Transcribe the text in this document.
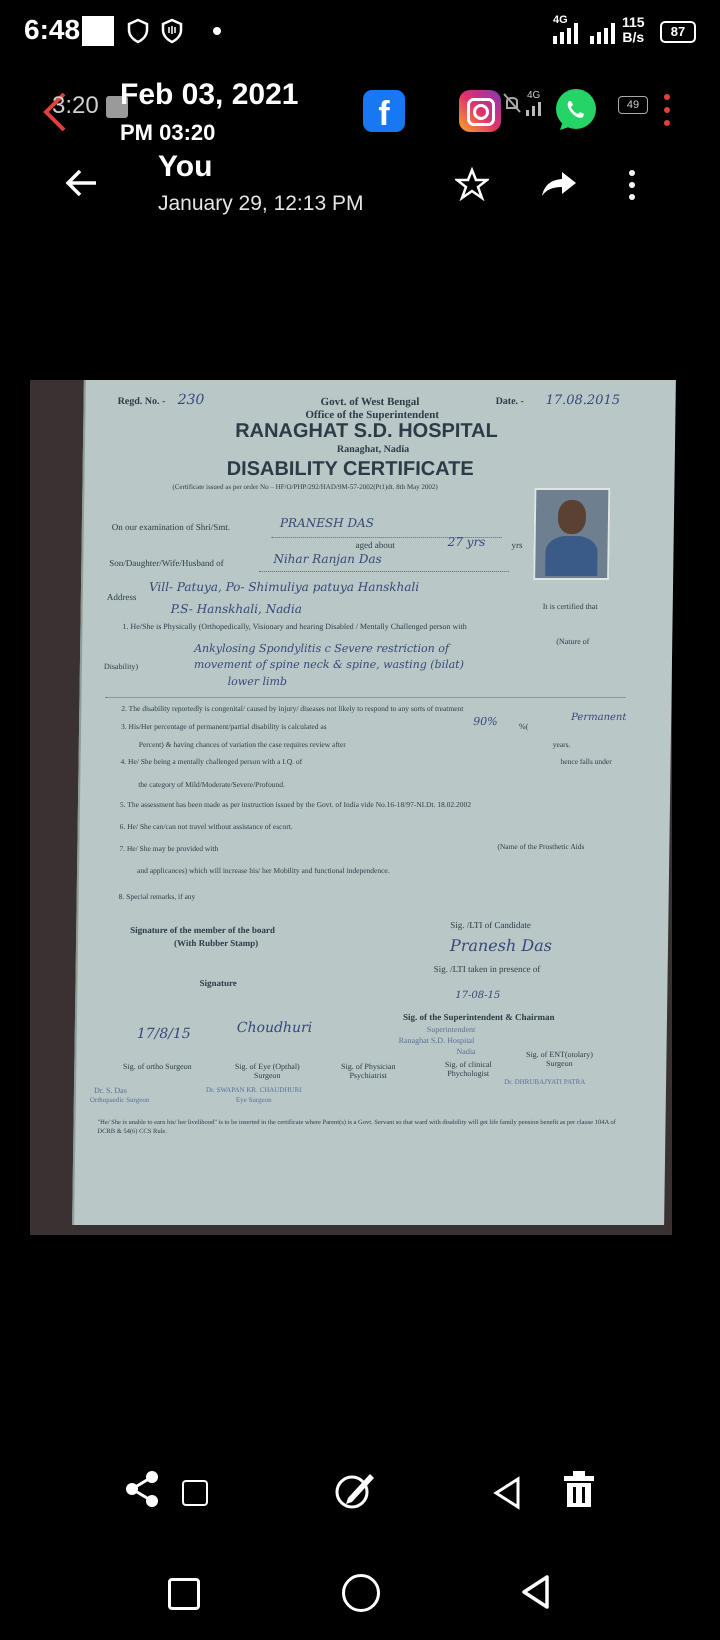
6:48	4G	115
B/s	87
3:20 Feb 03, 2021
PM 03:20	f	4G
49
You
January 29, 12:13 PM
Regd. No. - 230	Govt. of West Bengal	Date. - 17.08.2015
Office of the Superintendent
RANAGHAT S.D. HOSPITAL
Ranaghat, Nadia
DISABILITY CERTIFICATE
(Certificate issued as per order No – HF/O/PHP/292/HAD/9M-57-2002(Pt1)dt. 8th May 2002)
On our examination of Shri/Smt.	PRANESH DAS
aged about	27 yrs	yrs
Son/Daughter/Wife/Husband of	Nihar Ranjan Das
Address
Vill- Patuya, Po- Shimuliya patuya Hanskhali
P.S- Hanskhali, Nadia	It is certified that
1. He/She is Physically (Orthopedically, Visionary and hearing Disabled / Mentally Challenged person with
(Nature of
Ankylosing Spondylitis c Severe restriction of
Disability)	movement of spine neck & spine, wasting (bilat)
lower limb
2. The disability reportedly is congenital/ caused by injury/ diseases not likely to respond to any sorts of treatment
3. His/Her percentage of permanent/partial disability is calculated as	90%	%(
Permanent
Percent) & having chances of variation the case requires review after	years.
4. He/ She being a mentally challenged person with a I.Q. of	hence falls under
the category of Mild/Moderate/Severe/Profound.
5. The assessment has been made as per instruction issued by the Govt. of India vide No.16-18/97-NI.Dt. 18.02.2002
6. He/ She can/can not travel without assistance of escort.
7. He/ She may be provided with	(Name of the Prosthetic Aids
and applicances) which will increase his/ her Mobility and functional independence.
8. Special remarks, if any
Signature of the member of the board
(With Rubber Stamp)
Signature
Sig. /LTI of Candidate
Pranesh Das
Sig. /LTI taken in presence of
17-08-15
Sig. of the Superintendent & Chairman
Superintendent
Ranaghat S.D. Hospital
Nadia
17/8/15	Choudhuri
Sig. of ortho Surgeon	Sig. of Eye (Opthal) Surgeon
Sig. of Physician Psychiatrist
Sig. of clinical Phychologist
Sig. of ENT(otolary) Surgeon
Dr. S. Das
Orthopaedic Surgeon
Dr. SWAPAN KR. CHAUDHURI
Eye Surgeon
Dr. DHRUBAJYATI PATRA
"He/ She is unable to earn his/ her livelihood" is to be inserted in the certificate where Parent(s) is a Govt. Servant so that ward with disability will get life family pension benefit as per clause 104A of DCRB & 54(6) CCS Rule.
